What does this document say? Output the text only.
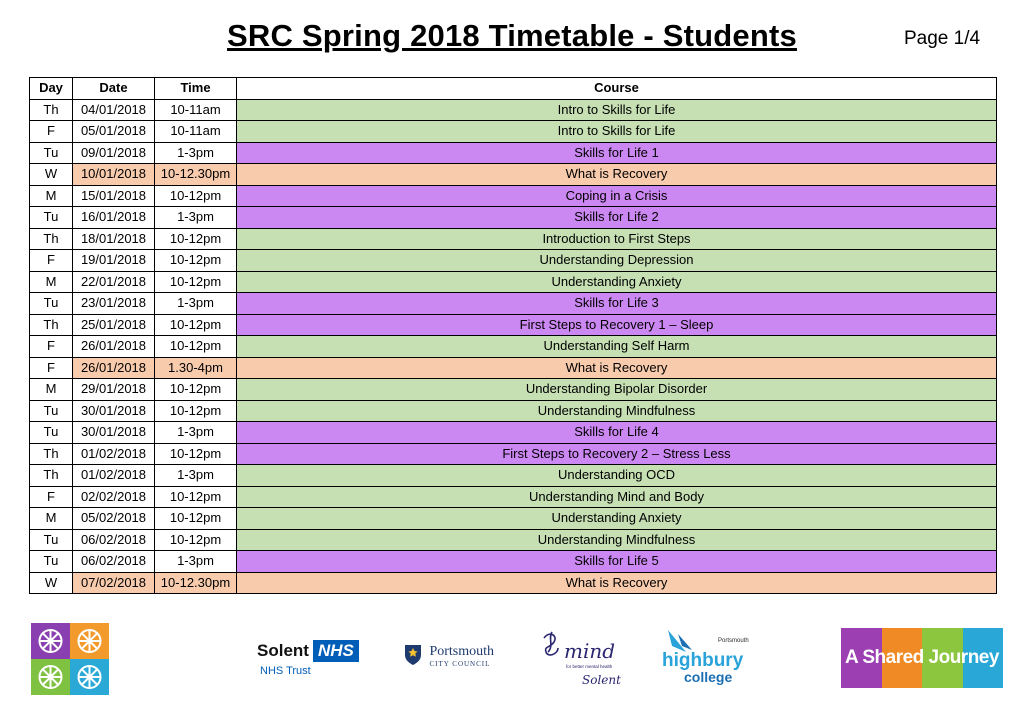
SRC Spring 2018 Timetable - Students	Page 1/4
Day	Date	Time	Course
Th	04/01/2018	10-11am	Intro to Skills for Life
F	05/01/2018	10-11am	Intro to Skills for Life
Tu	09/01/2018	1-3pm	Skills for Life 1
W	10/01/2018	10-12.30pm	What is Recovery
M	15/01/2018	10-12pm	Coping in a Crisis
Tu	16/01/2018	1-3pm	Skills for Life 2
Th	18/01/2018	10-12pm	Introduction to First Steps
F	19/01/2018	10-12pm	Understanding Depression
M	22/01/2018	10-12pm	Understanding Anxiety
Tu	23/01/2018	1-3pm	Skills for Life 3
Th	25/01/2018	10-12pm	First Steps to Recovery 1 – Sleep
F	26/01/2018	10-12pm	Understanding Self Harm
F	26/01/2018	1.30-4pm	What is Recovery
M	29/01/2018	10-12pm	Understanding Bipolar Disorder
Tu	30/01/2018	10-12pm	Understanding Mindfulness
Tu	30/01/2018	1-3pm	Skills for Life 4
Th	01/02/2018	10-12pm	First Steps to Recovery 2 – Stress Less
Th	01/02/2018	1-3pm	Understanding OCD
F	02/02/2018	10-12pm	Understanding Mind and Body
M	05/02/2018	10-12pm	Understanding Anxiety
Tu	06/02/2018	10-12pm	Understanding Mindfulness
Tu	06/02/2018	1-3pm	Skills for Life 5
W	07/02/2018	10-12.30pm	What is Recovery
Solent NHS
NHS Trust

Portsmouth
CITY COUNCIL
mind
for better mental health
Solent
Portsmouth
highbury
college
A Shared Journey
